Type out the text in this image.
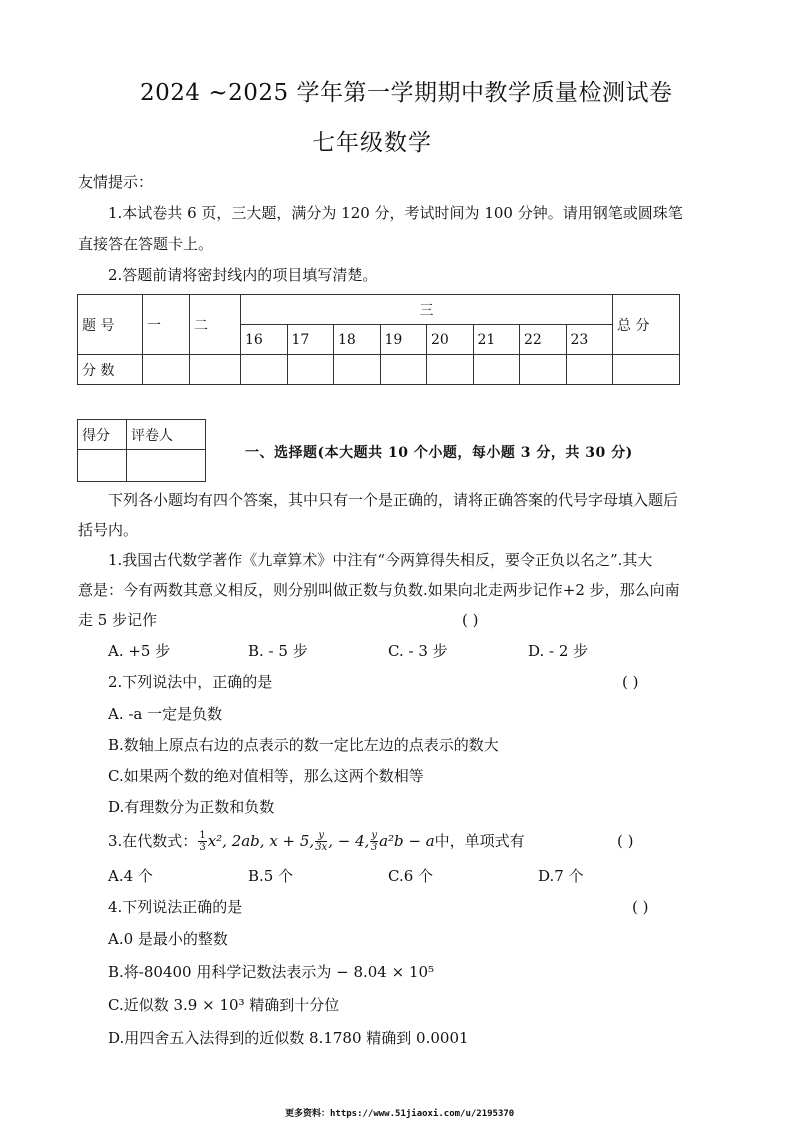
2024 ~2025 学年第一学期期中教学质量检测试卷
七年级数学
友情提示：
1.本试卷共 6 页，三大题，满分为 120 分，考试时间为 100 分钟。请用钢笔或圆珠笔
直接答在答题卡上。
2.答题前请将密封线内的项目填写清楚。
题 号	一	二	三								总 分
			16	17	18	19	20	21	22	23	
分 数											
得分	评卷人

一、选择题(本大题共 10 个小题，每小题 3 分，共 30 分)
下列各小题均有四个答案，其中只有一个是正确的，请将正确答案的代号字母填入题后
括号内。
1.我国古代数学著作《九章算术》中注有“今两算得失相反，要令正负以名之”.其大
意是：今有两数其意义相反，则分别叫做正数与负数.如果向北走两步记作+2 步，那么向南
走 5 步记作	( )
A. +5 步	B. - 5 步	C. - 3 步	D. - 2 步
2.下列说法中，正确的是	( )
A. -a 一定是负数
B.数轴上原点右边的点表示的数一定比左边的点表示的数大
C.如果两个数的绝对值相等，那么这两个数相等
D.有理数分为正数和负数
3.在代数式： $\frac{1}{3} x^2$, 2ab, x + 5, $\frac{y}{3x}$ , − 4, $\frac{y}{3} a^2b - a$ 中，单项式有	( )
A.4 个	B.5 个	C.6 个	D.7 个
4.下列说法正确的是	( )
A.0 是最小的整数
B.将-80400 用科学记数法表示为 − 8.04 × 10⁵
C.近似数 3.9 × 10³ 精确到十分位
D.用四舍五入法得到的近似数 8.1780 精确到 0.0001
更多资料：https://www.51jiaoxi.com/u/2195370
